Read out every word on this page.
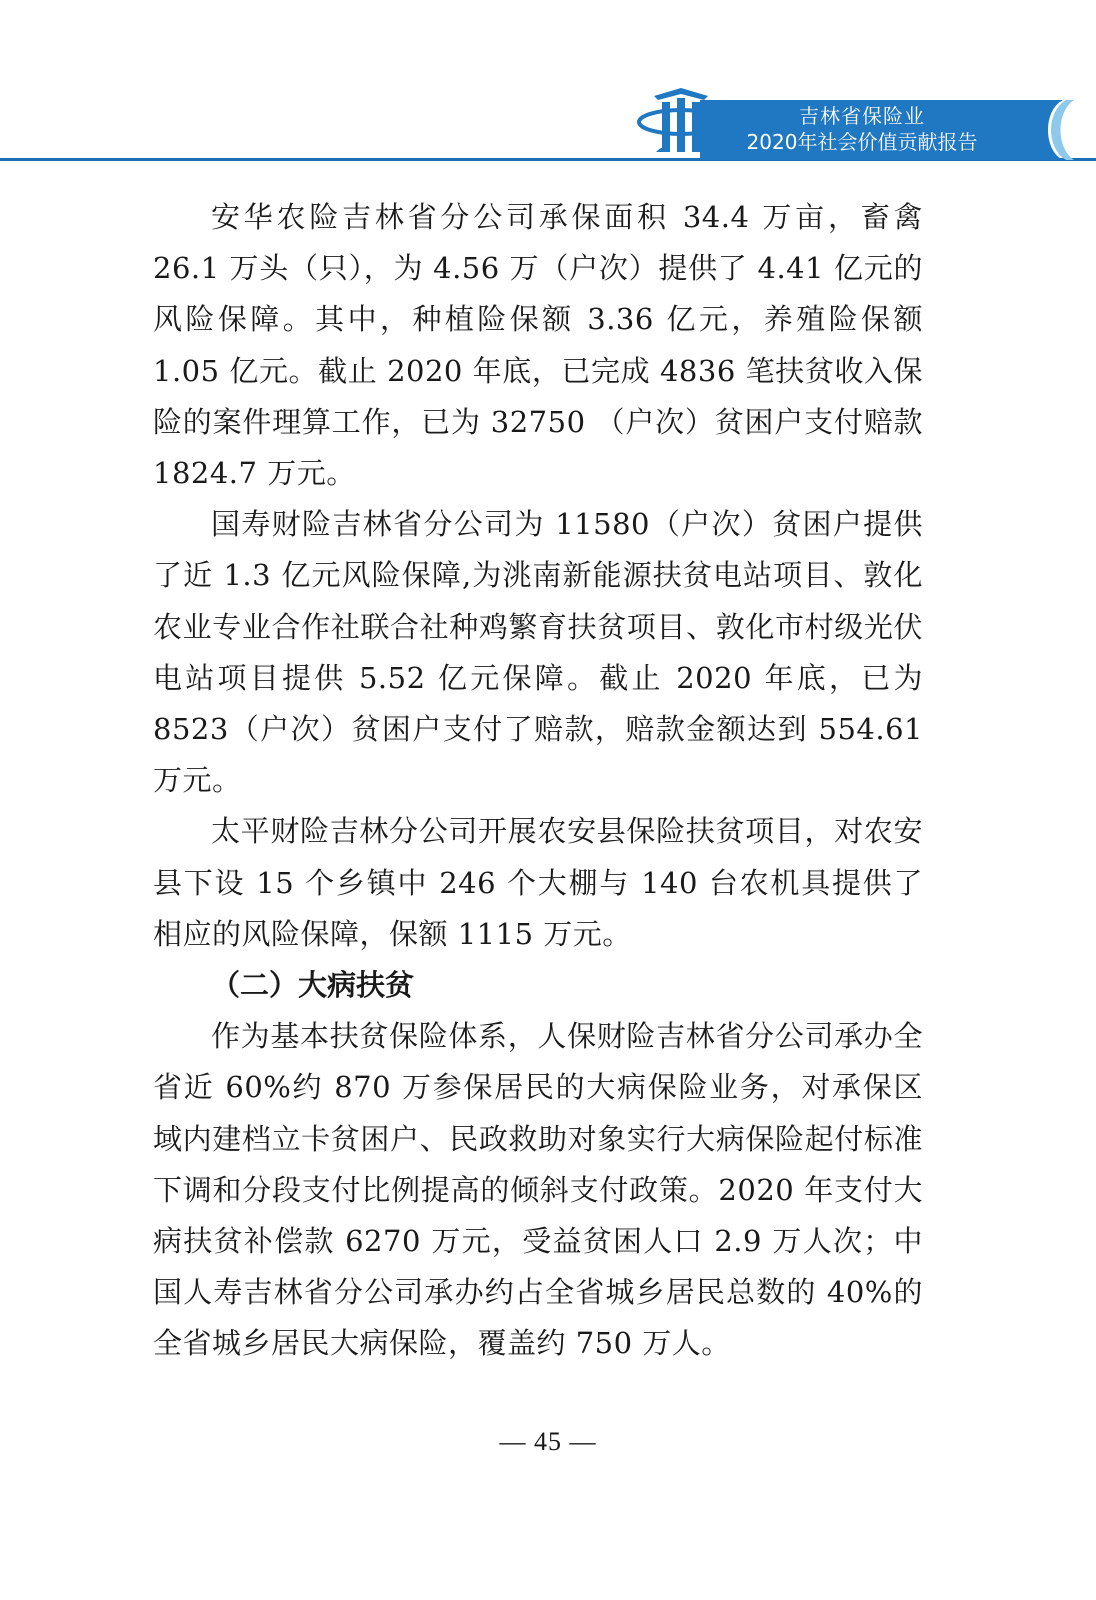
吉林省保险业
2020年社会价值贡献报告

安华农险吉林省分公司承保面积 34.4 万亩，畜禽 26.1 万头（只），为 4.56 万（户次）提供了 4.41 亿元的风险保障。其中，种植险保额 3.36 亿元，养殖险保额 1.05 亿元。截止 2020 年底，已完成 4836 笔扶贫收入保险的案件理算工作，已为 32750 （户次）贫困户支付赔款 1824.7 万元。

国寿财险吉林省分公司为 11580（户次）贫困户提供了近 1.3 亿元风险保障,为洮南新能源扶贫电站项目、敦化农业专业合作社联合社种鸡繁育扶贫项目、敦化市村级光伏电站项目提供 5.52 亿元保障。截止 2020 年底，已为 8523（户次）贫困户支付了赔款，赔款金额达到 554.61 万元。

太平财险吉林分公司开展农安县保险扶贫项目，对农安县下设 15 个乡镇中 246 个大棚与 140 台农机具提供了相应的风险保障，保额 1115 万元。

（二）大病扶贫

作为基本扶贫保险体系，人保财险吉林省分公司承办全省近 60%约 870 万参保居民的大病保险业务，对承保区域内建档立卡贫困户、民政救助对象实行大病保险起付标准下调和分段支付比例提高的倾斜支付政策。2020 年支付大病扶贫补偿款 6270 万元，受益贫困人口 2.9 万人次；中国人寿吉林省分公司承办约占全省城乡居民总数的 40%的全省城乡居民大病保险，覆盖约 750 万人。

— 45 —
